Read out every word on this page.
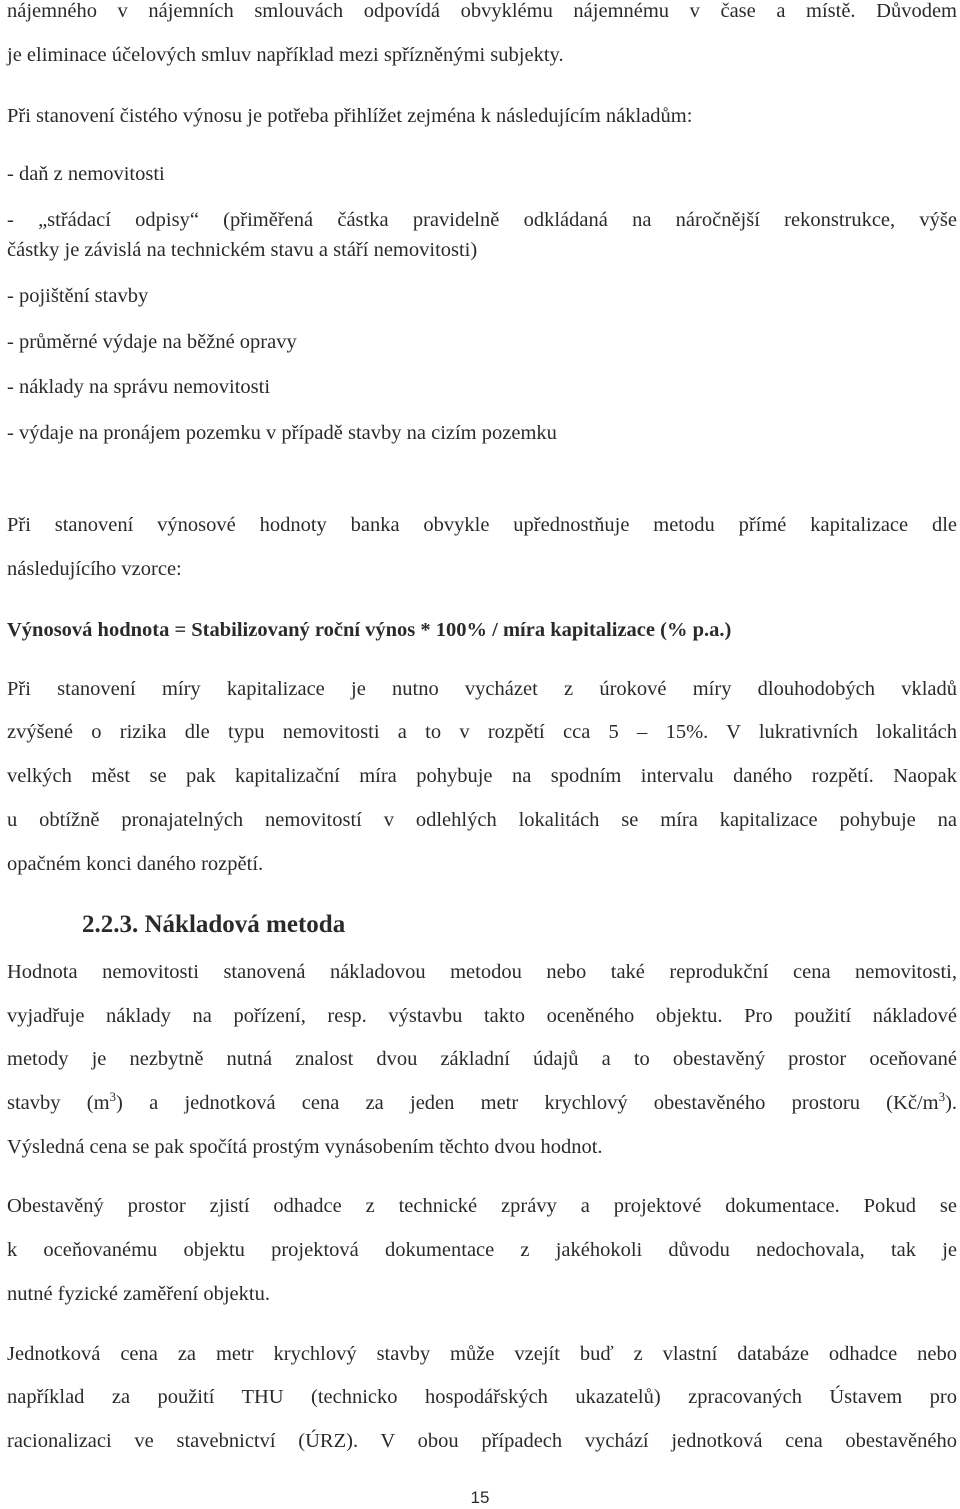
nájemného v nájemních smlouvách odpovídá obvyklému nájemnému v čase a místě. Důvodem
je eliminace účelových smluv například mezi spřízněnými subjekty.
Při stanovení čistého výnosu je potřeba přihlížet zejména k následujícím nákladům:
- daň z nemovitosti
- „střádací odpisy“ (přiměřená částka pravidelně odkládaná na náročnější rekonstrukce, výše
částky je závislá na technickém stavu a stáří nemovitosti)
- pojištění stavby
- průměrné výdaje na běžné opravy
- náklady na správu nemovitosti
- výdaje na pronájem pozemku v případě stavby na cizím pozemku
Při stanovení výnosové hodnoty banka obvykle upřednostňuje metodu přímé kapitalizace dle
následujícího vzorce:
Výnosová hodnota = Stabilizovaný roční výnos * 100% / míra kapitalizace (% p.a.)
Při stanovení míry kapitalizace je nutno vycházet z úrokové míry dlouhodobých vkladů
zvýšené o rizika dle typu nemovitosti a to v rozpětí cca 5 – 15%. V lukrativních lokalitách
velkých měst se pak kapitalizační míra pohybuje na spodním intervalu daného rozpětí. Naopak
u obtížně pronajatelných nemovitostí v odlehlých lokalitách se míra kapitalizace pohybuje na
opačném konci daného rozpětí.
2.2.3. Nákladová metoda
Hodnota nemovitosti stanovená nákladovou metodou nebo také reprodukční cena nemovitosti,
vyjadřuje náklady na pořízení, resp. výstavbu takto oceněného objektu. Pro použití nákladové
metody je nezbytně nutná znalost dvou základní údajů a to obestavěný prostor oceňované
stavby $(m^3)$ a jednotková cena za jeden metr krychlový obestavěného prostoru $(Kč/m^3)$.
Výsledná cena se pak spočítá prostým vynásobením těchto dvou hodnot.
Obestavěný prostor zjistí odhadce z technické zprávy a projektové dokumentace. Pokud se
k oceňovanému objektu projektová dokumentace z jakéhokoli důvodu nedochovala, tak je
nutné fyzické zaměření objektu.
Jednotková cena za metr krychlový stavby může vzejít buď z vlastní databáze odhadce nebo
například za použití THU (technicko hospodářských ukazatelů) zpracovaných Ústavem pro
racionalizaci ve stavebnictví (ÚRZ). V obou případech vychází jednotková cena obestavěného
15
